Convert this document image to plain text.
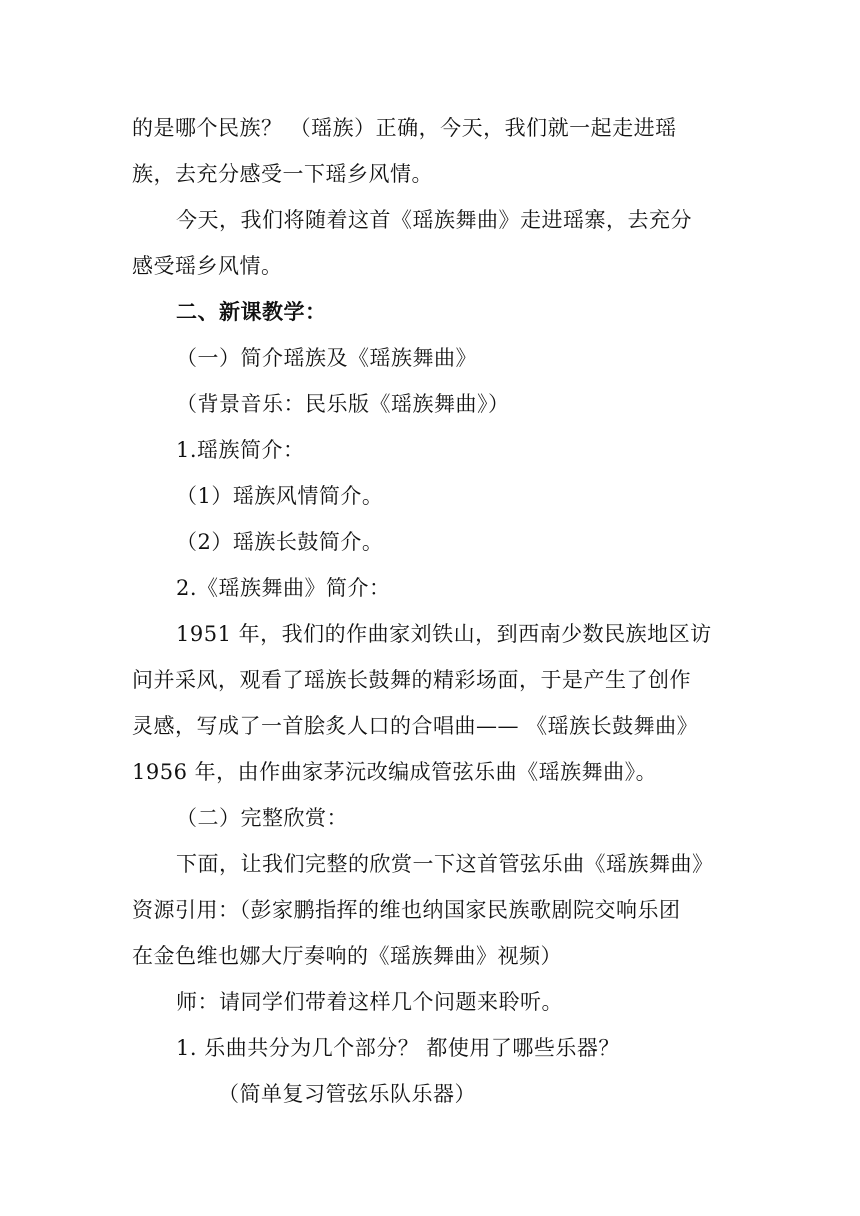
的是哪个民族？ （瑶族）正确，今天，我们就一起走进瑶

族，去充分感受一下瑶乡风情。

今天，我们将随着这首《瑶族舞曲》走进瑶寨，去充分

感受瑶乡风情。

二、新课教学：

（一）简介瑶族及《瑶族舞曲》

（背景音乐：民乐版《瑶族舞曲》）

1.瑶族简介：

（1）瑶族风情简介。

（2）瑶族长鼓简介。

2.《瑶族舞曲》简介：

1951 年，我们的作曲家刘铁山，到西南少数民族地区访

问并采风，观看了瑶族长鼓舞的精彩场面，于是产生了创作

灵感，写成了一首脍炙人口的合唱曲—— 《瑶族长鼓舞曲》

1956 年，由作曲家茅沅改编成管弦乐曲《瑶族舞曲》。

（二）完整欣赏：

下面，让我们完整的欣赏一下这首管弦乐曲《瑶族舞曲》

资源引用：（彭家鹏指挥的维也纳国家民族歌剧院交响乐团

在金色维也娜大厅奏响的《瑶族舞曲》视频）

师：请同学们带着这样几个问题来聆听。

1. 乐曲共分为几个部分？ 都使用了哪些乐器？

（简单复习管弦乐队乐器）
